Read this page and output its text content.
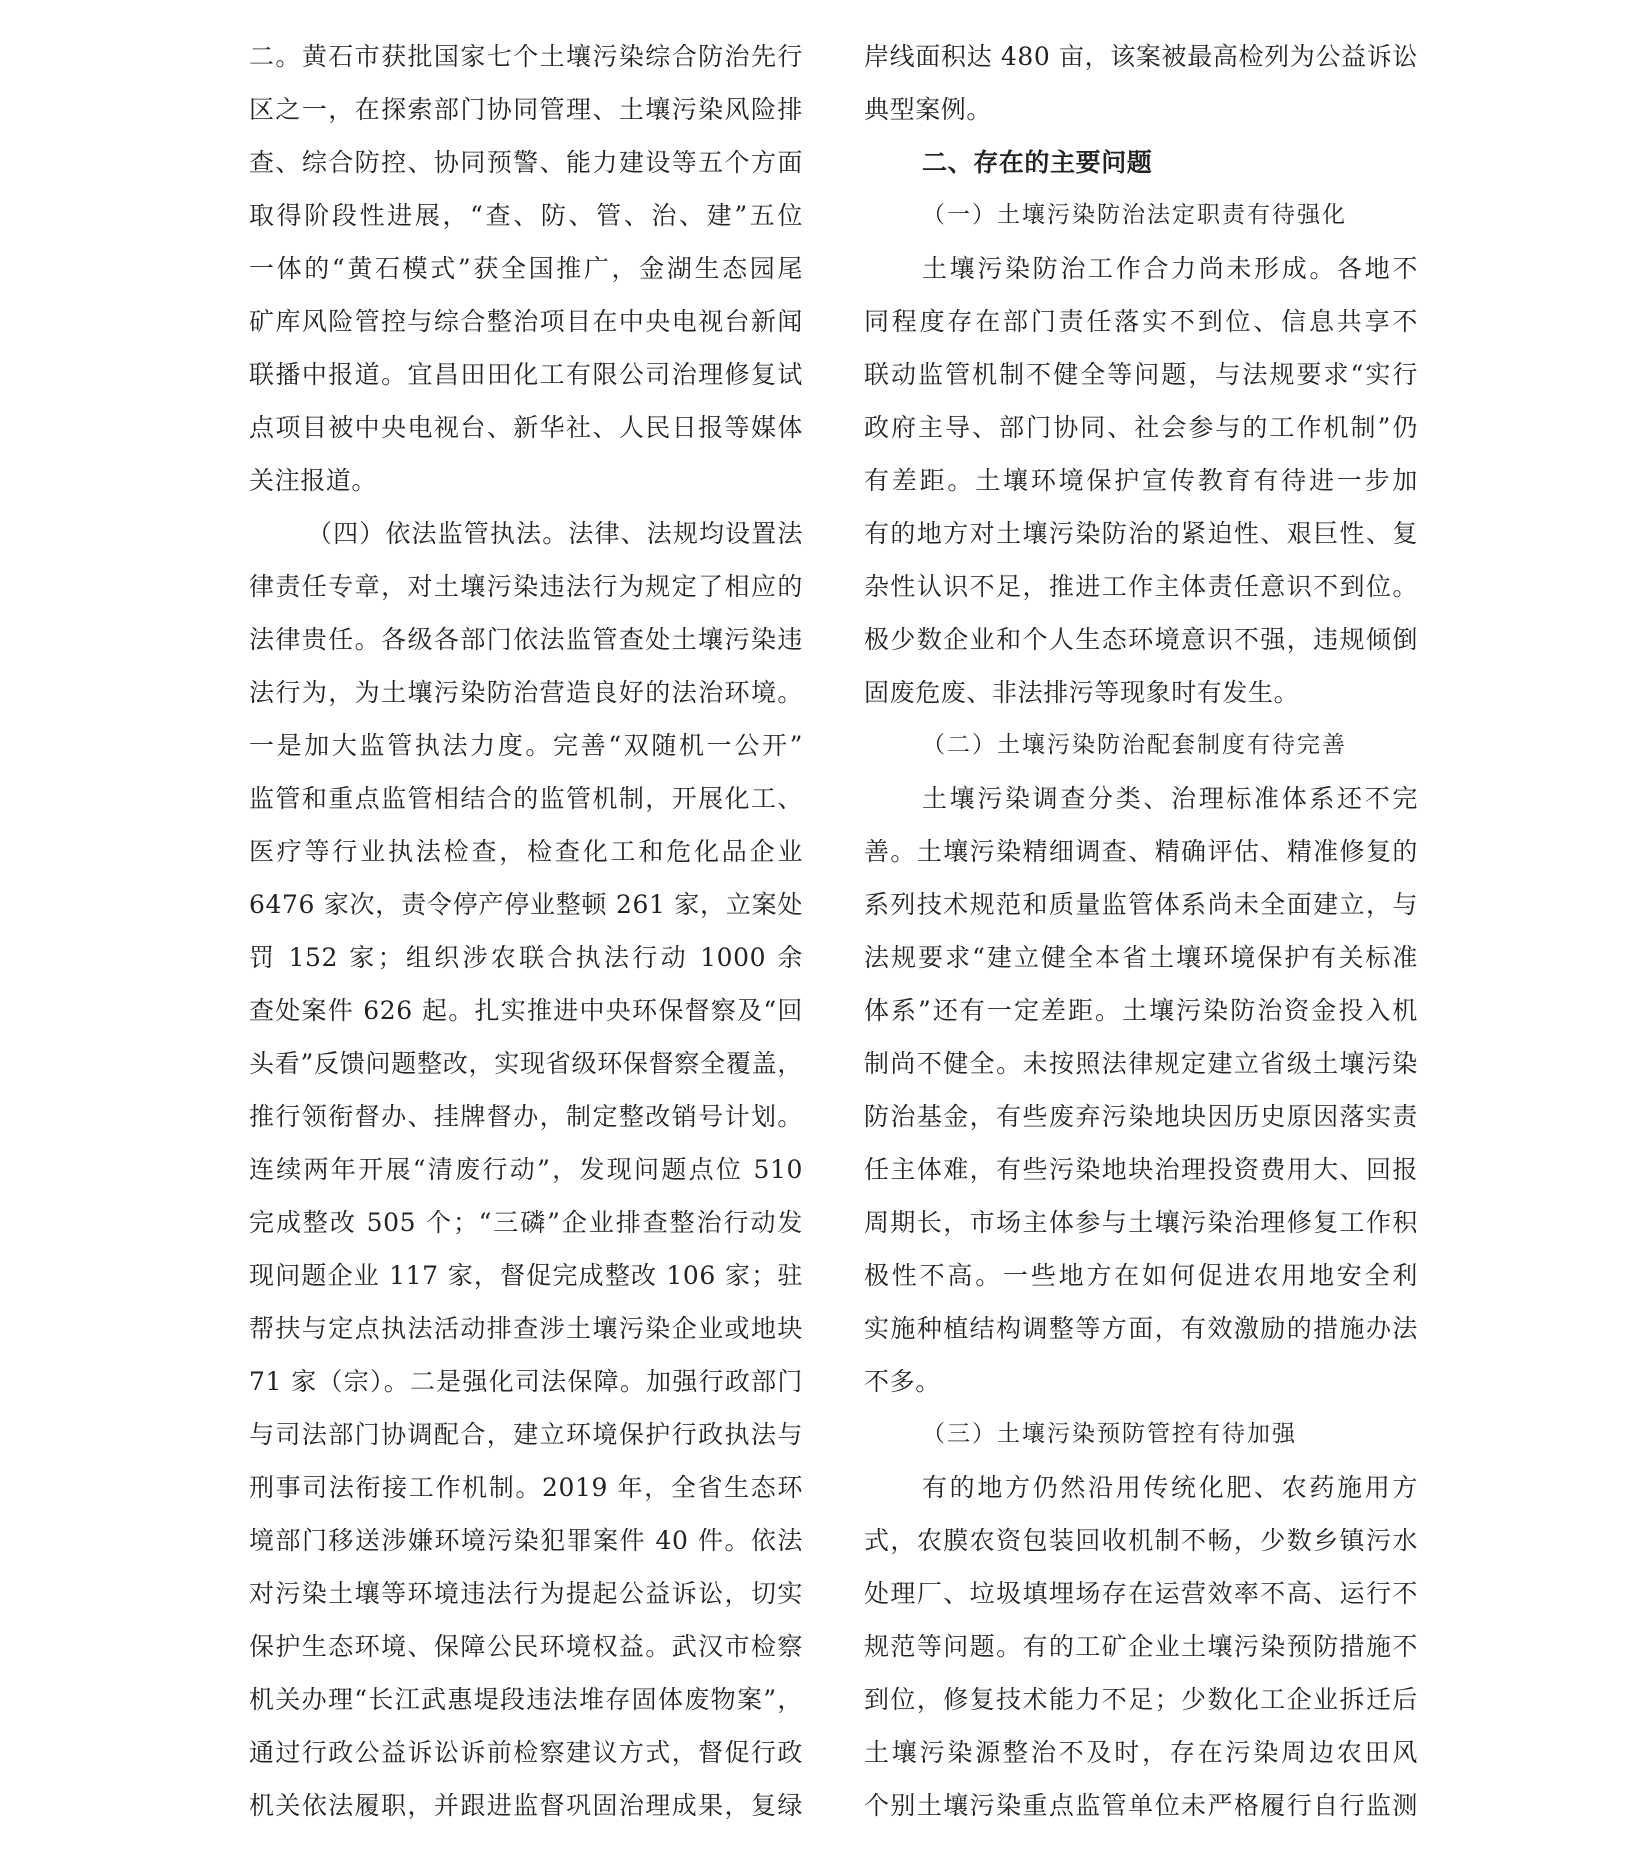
二。黄石市获批国家七个土壤污染综合防治先行
区之一，在探索部门协同管理、土壤污染风险排
查、综合防控、协同预警、能力建设等五个方面
取得阶段性进展，“查、防、管、治、建”五位
一体的“黄石模式”获全国推广，金湖生态园尾
矿库风险管控与综合整治项目在中央电视台新闻
联播中报道。宜昌田田化工有限公司治理修复试
点项目被中央电视台、新华社、人民日报等媒体
关注报道。
（四）依法监管执法。法律、法规均设置法
律责任专章，对土壤污染违法行为规定了相应的
法律贵任。各级各部门依法监管查处土壤污染违
法行为，为土壤污染防治营造良好的法治环境。
一是加大监管执法力度。完善“双随机一公开”
监管和重点监管相结合的监管机制，开展化工、
医疗等行业执法检查，检查化工和危化品企业
6476 家次，责令停产停业整顿 261 家，立案处
罚 152 家；组织涉农联合执法行动 1000 余
查处案件 626 起。扎实推进中央环保督察及“回
头看”反馈问题整改，实现省级环保督察全覆盖，
推行领衔督办、挂牌督办，制定整改销号计划。
连续两年开展“清废行动”，发现问题点位 510
完成整改 505 个；“三磷”企业排查整治行动发
现问题企业 117 家，督促完成整改 106 家；驻
帮扶与定点执法活动排查涉土壤污染企业或地块
71 家（宗）。二是强化司法保障。加强行政部门
与司法部门协调配合，建立环境保护行政执法与
刑事司法衔接工作机制。2019 年，全省生态环
境部门移送涉嫌环境污染犯罪案件 40 件。依法
对污染土壤等环境违法行为提起公益诉讼，切实
保护生态环境、保障公民环境权益。武汉市检察
机关办理“长江武惠堤段违法堆存固体废物案”，
通过行政公益诉讼诉前检察建议方式，督促行政
机关依法履职，并跟进监督巩固治理成果，复绿
岸线面积达 480 亩，该案被最高检列为公益诉讼
典型案例。
二、存在的主要问题
（一）土壤污染防治法定职责有待强化
土壤污染防治工作合力尚未形成。各地不
同程度存在部门责任落实不到位、信息共享不
联动监管机制不健全等问题，与法规要求“实行
政府主导、部门协同、社会参与的工作机制”仍
有差距。土壤环境保护宣传教育有待进一步加
有的地方对土壤污染防治的紧迫性、艰巨性、复
杂性认识不足，推进工作主体责任意识不到位。
极少数企业和个人生态环境意识不强，违规倾倒
固废危废、非法排污等现象时有发生。
（二）土壤污染防治配套制度有待完善
土壤污染调查分类、治理标准体系还不完
善。土壤污染精细调查、精确评估、精准修复的
系列技术规范和质量监管体系尚未全面建立，与
法规要求“建立健全本省土壤环境保护有关标准
体系”还有一定差距。土壤污染防治资金投入机
制尚不健全。未按照法律规定建立省级土壤污染
防治基金，有些废弃污染地块因历史原因落实责
任主体难，有些污染地块治理投资费用大、回报
周期长，市场主体参与土壤污染治理修复工作积
极性不高。一些地方在如何促进农用地安全利
实施种植结构调整等方面，有效激励的措施办法
不多。
（三）土壤污染预防管控有待加强
有的地方仍然沿用传统化肥、农药施用方
式，农膜农资包装回收机制不畅，少数乡镇污水
处理厂、垃圾填埋场存在运营效率不高、运行不
规范等问题。有的工矿企业土壤污染预防措施不
到位，修复技术能力不足；少数化工企业拆迁后
土壤污染源整治不及时，存在污染周边农田风
个别土壤污染重点监管单位未严格履行自行监测
